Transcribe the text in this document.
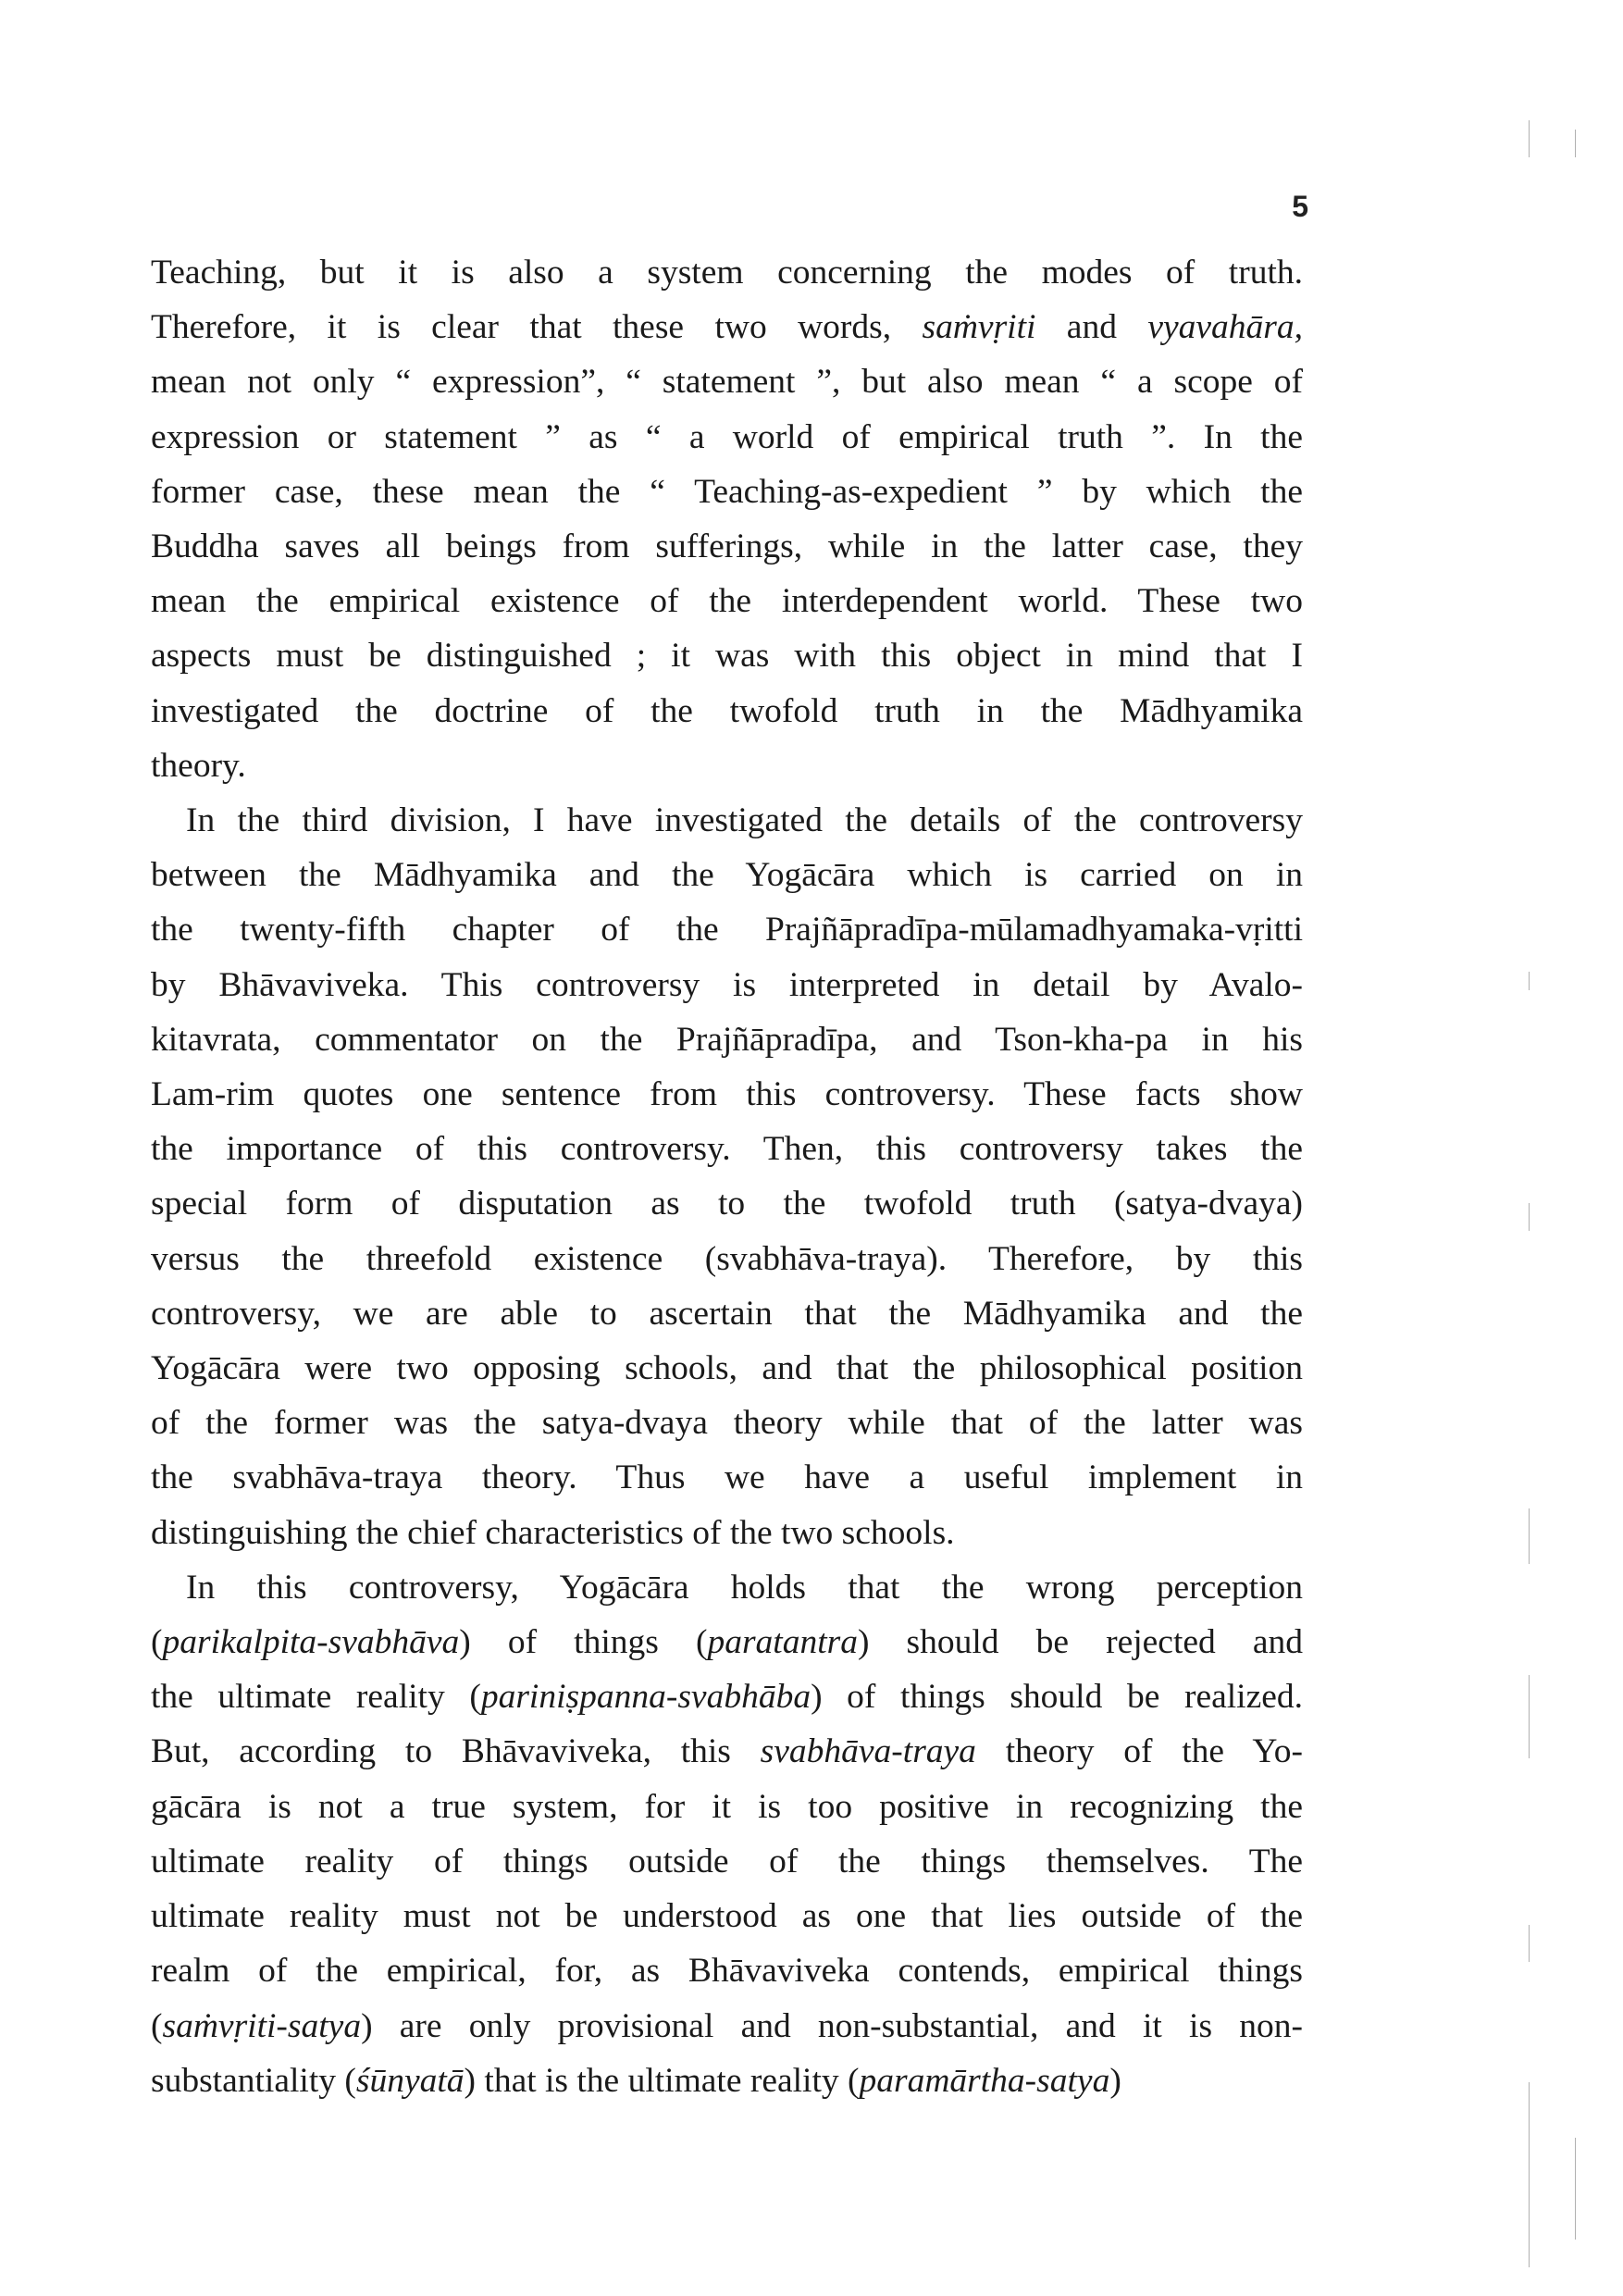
5

Teaching, but it is also a system concerning the modes of truth.
Therefore, it is clear that these two words, saṁvṛiti and vyavahāra,
mean not only “ expression”, “ statement ”, but also mean “ a scope of
expression or statement ” as “ a world of empirical truth ”. In the
former case, these mean the “ Teaching-as-expedient ” by which the
Buddha saves all beings from sufferings, while in the latter case, they
mean the empirical existence of the interdependent world. These two
aspects must be distinguished ; it was with this object in mind that I
investigated the doctrine of the twofold truth in the Mādhyamika
theory.

In the third division, I have investigated the details of the controversy
between the Mādhyamika and the Yogācāra which is carried on in
the twenty-fifth chapter of the Prajñāpradīpa-mūlamadhyamaka-vṛitti
by Bhāvaviveka. This controversy is interpreted in detail by Avalo-
kitavrata, commentator on the Prajñāpradīpa, and Tson-kha-pa in his
Lam-rim quotes one sentence from this controversy. These facts show
the importance of this controversy. Then, this controversy takes the
special form of disputation as to the twofold truth (satya-dvaya)
versus the threefold existence (svabhāva-traya). Therefore, by this
controversy, we are able to ascertain that the Mādhyamika and the
Yogācāra were two opposing schools, and that the philosophical position
of the former was the satya-dvaya theory while that of the latter was
the svabhāva-traya theory. Thus we have a useful implement in
distinguishing the chief characteristics of the two schools.

In this controversy, Yogācāra holds that the wrong perception
(parikalpita-svabhāva) of things (paratantra) should be rejected and
the ultimate reality (pariniṣpanna-svabhāba) of things should be realized.
But, according to Bhāvaviveka, this svabhāva-traya theory of the Yo-
gācāra is not a true system, for it is too positive in recognizing the
ultimate reality of things outside of the things themselves. The
ultimate reality must not be understood as one that lies outside of the
realm of the empirical, for, as Bhāvaviveka contends, empirical things
(saṁvṛiti-satya) are only provisional and non-substantial, and it is non-
substantiality (śūnyatā) that is the ultimate reality (paramārtha-satya)
